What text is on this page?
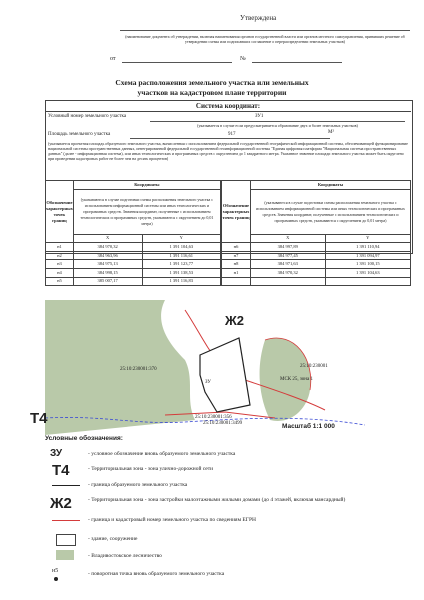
Утверждена
(наименование документа об утверждении, включая наименования органов государственной власти или органов местного самоуправления, принявших решение об утверждении схемы или подписавших соглашение о перераспределении земельных участков)
от	№
Схема расположения земельного участка или земельных
участков на кадастровом плане территории
Система координат:
Условный номер земельного участка	ЗУ1
(указывается в случае если предусматривается образование двух и более земельных участков)
Площадь земельного участка	917	М²
(указывается проектная площадь образуемого земельного участка, вычисленная с использованием федеральной государственной географической информационной системы, обеспечивающей функционирование национальной системы пространственных данных, интегрированной федеральной государственной геоинформационной системы "Единая цифровая платформа "Национальная система пространственных данных" (далее - информационная система), или иных технологических и программных средств с округлением до 1 квадратного метра. Указанное значение площади земельного участка может быть округлено при проведении кадастровых работ не более чем на десять процентов)
Обозначение характерных точек границ	Координаты	
	(указываются в случае подготовки схемы расположения земельного участка с использованием информационной системы или иных технологических и программных средств. Значения координат, полученные с использованием технологических и программных средств, указываются с округлением до 0,01 метра)	
	X	Y
н1	384 970,32	1 391 104,63
н2	384 963,96	1 391 116,61
н3	384 975,13	1 391 123,77
н4	384 998,15	1 391 138,53
н5	385 007,17	1 391 116,83
Обозначение характерных точек границ	Координаты	
	(указываются в случае подготовки схемы расположения земельного участка с использованием информационной системы или иных технологических и программных средств. Значения координат, полученные с использованием технологических и программных средств, указываются с округлением до 0,01 метра)	
	X	Y
н6	384 997,89	1 391 110,94
н7	384 977,45	1 391 094,97
н8	384 971,63	1 391 100,15
н1	384 970,32	1 391 104,63

Ж2
ЗУ
25:10:230001:370
25:10:230001:356
25:10:230001:3499
25:10:230001
МСК 25, зона 1
Т4	Масштаб 1:1 000
Условные обозначения:
ЗУ	- условное обозначение вновь образуемого земельного участка
Т4	- Территориальная зона - зона улично-дорожной сети
- граница образуемого земельного участка
Ж2	- Территориальная зона - зона застройки малоэтажными жилыми домами (до 4 этажей, включая мансардный)
- граница и кадастровый номер земельного участка по сведениям ЕГРН
- здание, сооружение
- Владивостокское лесничество
н5	- поворотная точка вновь образуемого земельного участка
